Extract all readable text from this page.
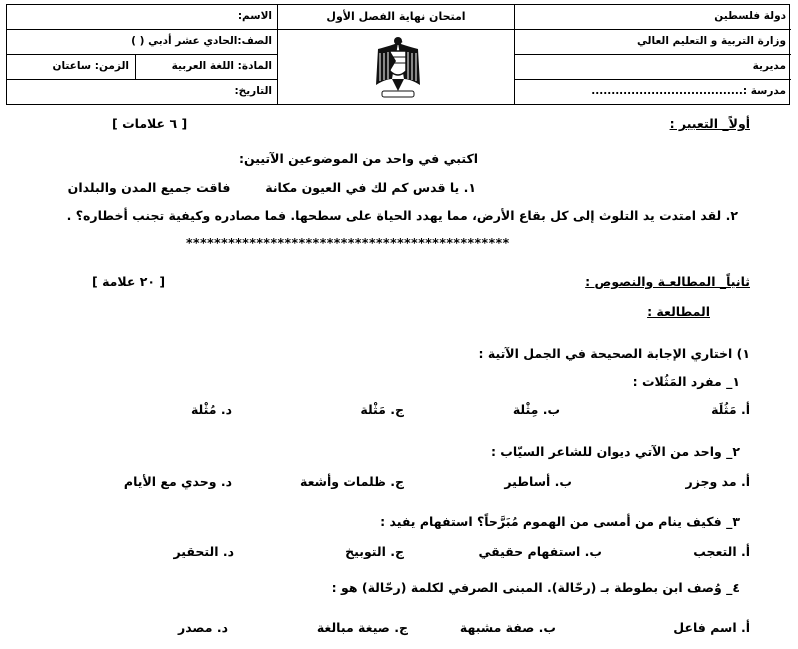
الاسم:
الصف:الحادي عشر أدبي ( )
المادة: اللغة العربية
الزمن: ساعتان
التاريخ:
امتحان نهاية الفصل الأول	دولة فلسطين
وزارة التربية و التعليم العالي
مديرية
مدرسة :......................................
أولاً_ التعبير :
[ ٦ علامات ]
اكتبي في واحد من الموضوعين الآتيين:
١. يا قدس كم لك في العيون مكانة        فاقت جميع المدن والبلدان
٢. لقد امتدت يد التلوث إلى كل بقاع الأرض، مما يهدد الحياة على سطحها. فما مصادره وكيفية تجنب أخطاره؟ .
**********************************************
ثانياً_ المطالعـة والنصوص :
[ ٢٠ علامة ]
المطالعة :
١) اختاري الإجابة الصحيحة في الجمل الآتية :
١_ مفرد المَثُلات :
أ. مَثُلَة
ب. مِثْلة
ج. مَثْلة
د. مُثْلة
٢_ واحد من الآتي ديوان للشاعر السيّاب :
أ. مد وجزر
ب. أساطير
ج. ظلمات وأشعة
د. وحدي مع الأيام
٣_ فكيف ينام من أمسى من الهموم مُبَرَّحاً؟ استفهام يفيد :
أ. التعجب
ب. استفهام حقيقي
ج. التوبيخ
د. التحقير
٤_ وُصف ابن بطوطة بـ (رحّالة). المبنى الصرفي لكلمة (رحّالة) هو :
أ. اسم فاعل
ب. صفة مشبهة
ج. صيغة مبالغة
د. مصدر
